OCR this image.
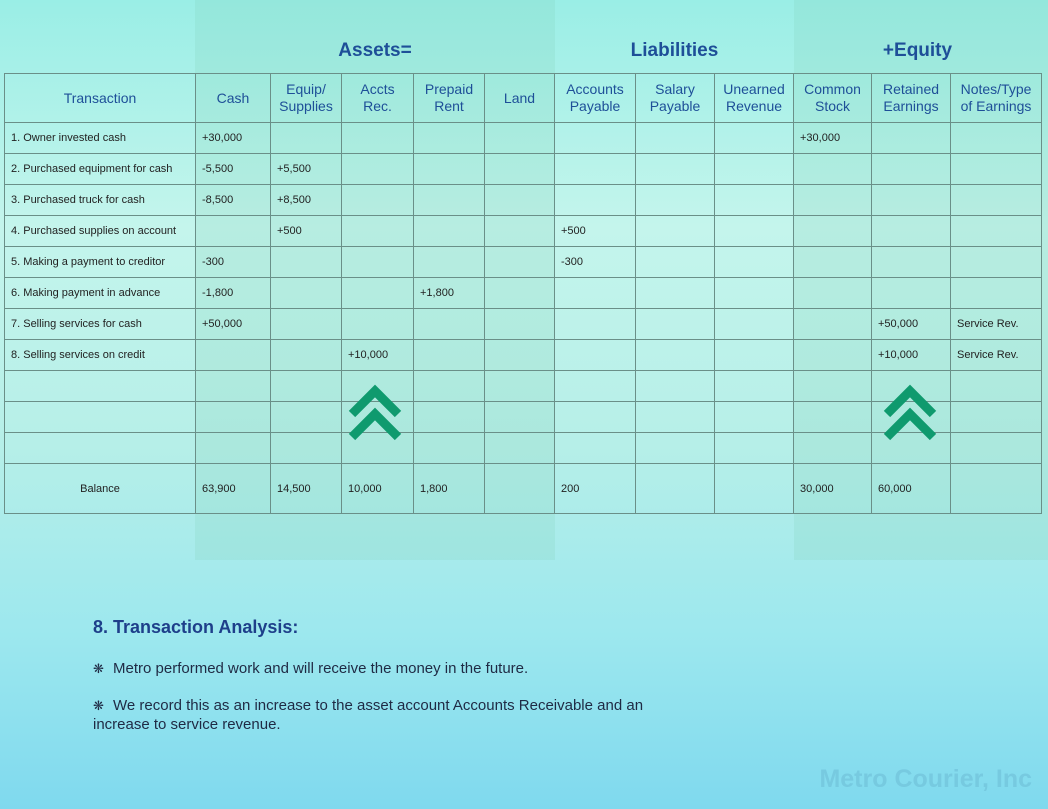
Assets=	Liabilities	+Equity
Transaction	Cash	Equip/ Supplies	Accts Rec.	Prepaid Rent	Land	Accounts Payable	Salary Payable	Unearned Revenue	Common Stock	Retained Earnings	Notes/Type of Earnings
1. Owner invested cash	+30,000								+30,000		
2. Purchased equipment for cash	-5,500	+5,500									
3. Purchased truck for cash	-8,500	+8,500									
4. Purchased supplies on account		+500				+500					
5. Making a payment to creditor	-300					-300					
6. Making payment in advance	-1,800			+1,800							
7. Selling services for cash	+50,000									+50,000	Service Rev.
8. Selling services on credit			+10,000							+10,000	Service Rev.

Balance	63,900	14,500	10,000	1,800		200			30,000	60,000	
8. Transaction Analysis:
❋ Metro performed work and will receive the money in the future.
❋ We record this as an increase to the asset account Accounts Receivable and an increase to service revenue.
Metro Courier, Inc
